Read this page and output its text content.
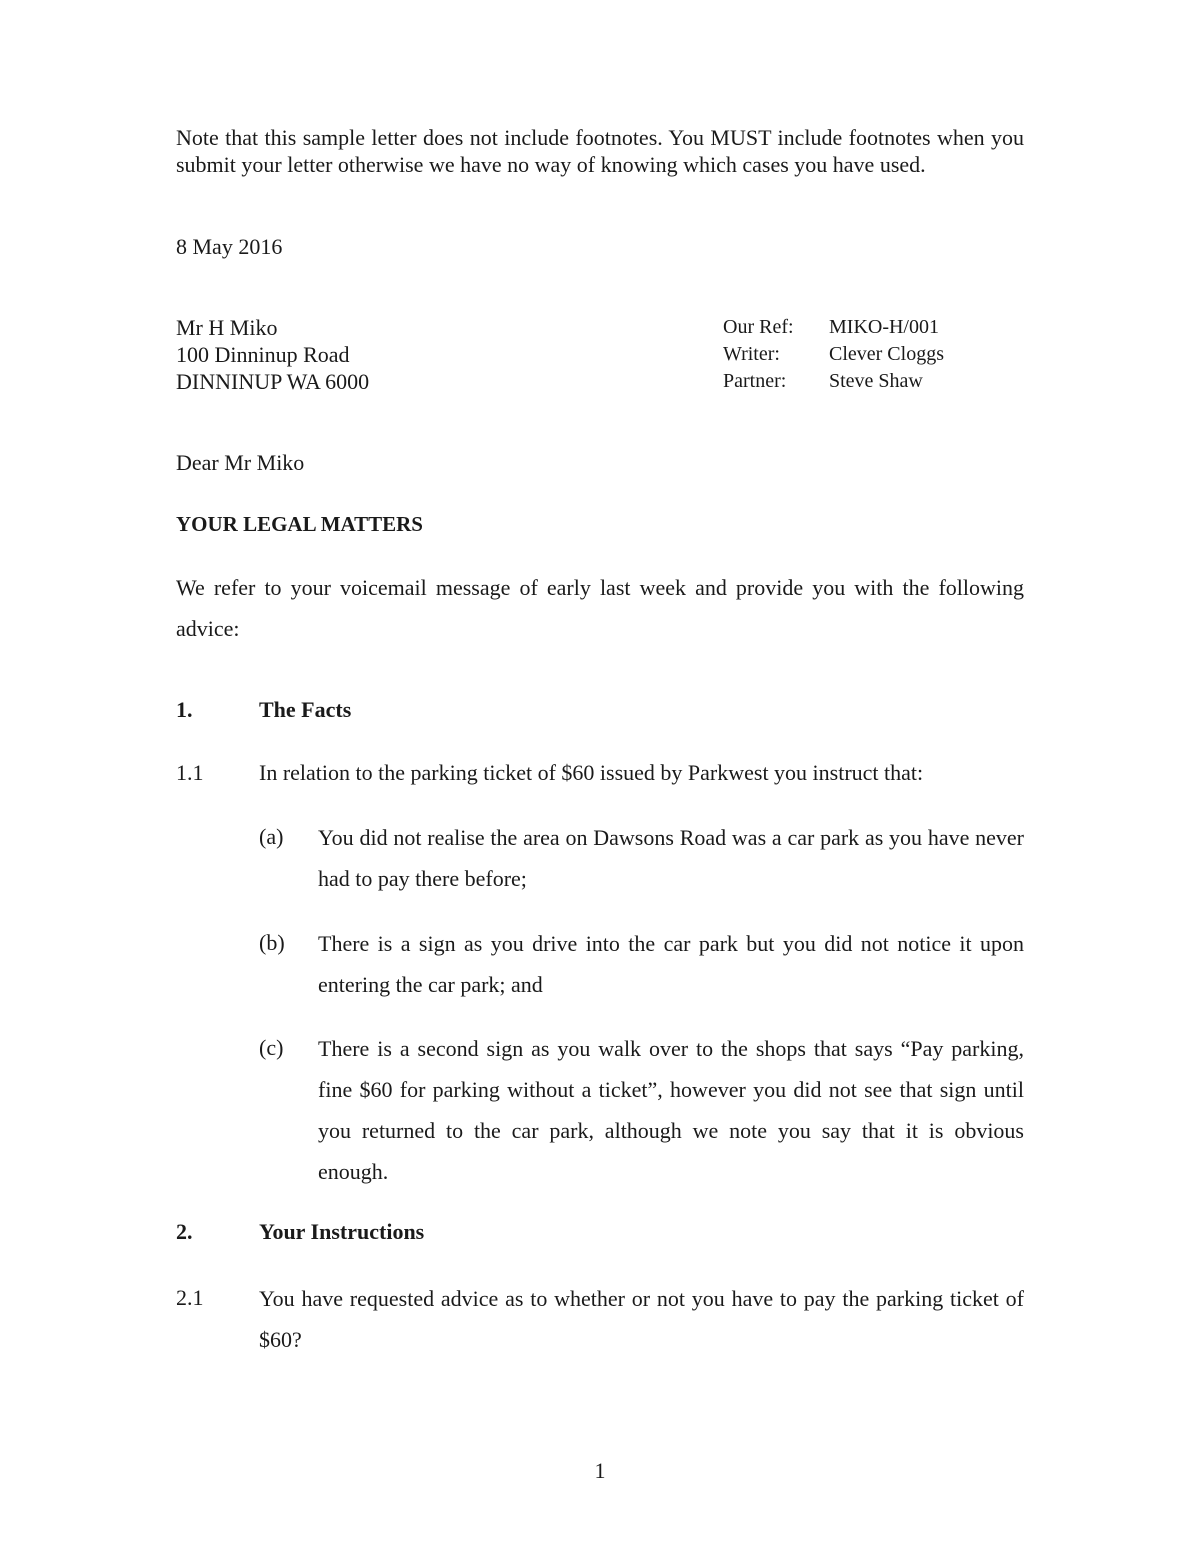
Note that this sample letter does not include footnotes. You MUST include footnotes when you submit your letter otherwise we have no way of knowing which cases you have used.
8 May 2016
Mr H Miko
100 Dinninup Road
DINNINUP WA 6000
Our Ref:	MIKO-H/001
Writer:	Clever Cloggs
Partner:	Steve Shaw
Dear Mr Miko
YOUR LEGAL MATTERS
We refer to your voicemail message of early last week and provide you with the following advice:
1.	The Facts
1.1	In relation to the parking ticket of $60 issued by Parkwest you instruct that:
(a) You did not realise the area on Dawsons Road was a car park as you have never had to pay there before;
(b) There is a sign as you drive into the car park but you did not notice it upon entering the car park; and
(c) There is a second sign as you walk over to the shops that says “Pay parking, fine $60 for parking without a ticket”, however you did not see that sign until you returned to the car park, although we note you say that it is obvious enough.
2.	Your Instructions
2.1	You have requested advice as to whether or not you have to pay the parking ticket of $60?
1
